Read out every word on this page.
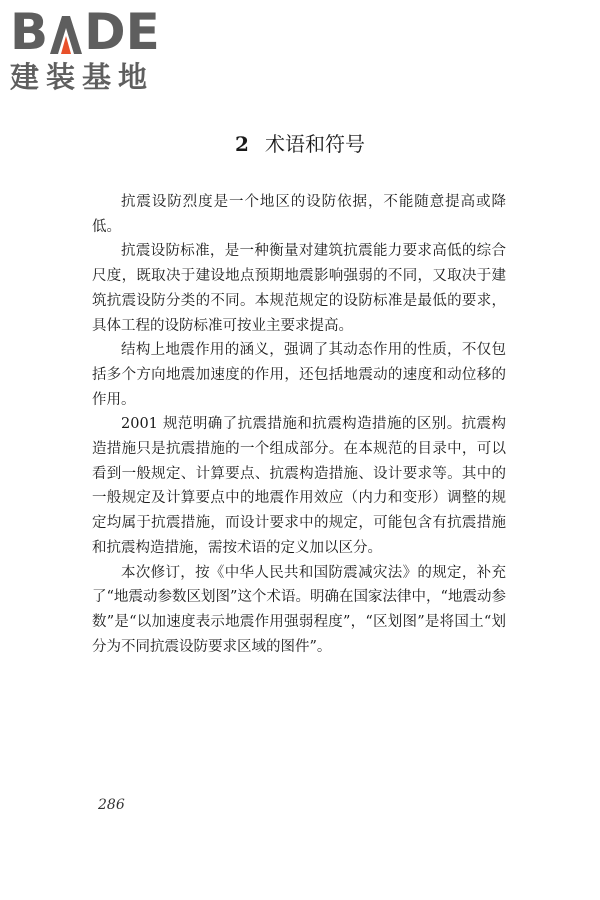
B DE
建装基地
2 术语和符号

抗震设防烈度是一个地区的设防依据，不能随意提高或降低。

抗震设防标准，是一种衡量对建筑抗震能力要求高低的综合尺度，既取决于建设地点预期地震影响强弱的不同，又取决于建筑抗震设防分类的不同。本规范规定的设防标准是最低的要求，具体工程的设防标准可按业主要求提高。

结构上地震作用的涵义，强调了其动态作用的性质，不仅包括多个方向地震加速度的作用，还包括地震动的速度和动位移的作用。

2001 规范明确了抗震措施和抗震构造措施的区别。抗震构造措施只是抗震措施的一个组成部分。在本规范的目录中，可以看到一般规定、计算要点、抗震构造措施、设计要求等。其中的一般规定及计算要点中的地震作用效应（内力和变形）调整的规定均属于抗震措施，而设计要求中的规定，可能包含有抗震措施和抗震构造措施，需按术语的定义加以区分。

本次修订，按《中华人民共和国防震减灾法》的规定，补充了“地震动参数区划图”这个术语。明确在国家法律中，“地震动参数”是“以加速度表示地震作用强弱程度”，“区划图”是将国土“划分为不同抗震设防要求区域的图件”。

286
